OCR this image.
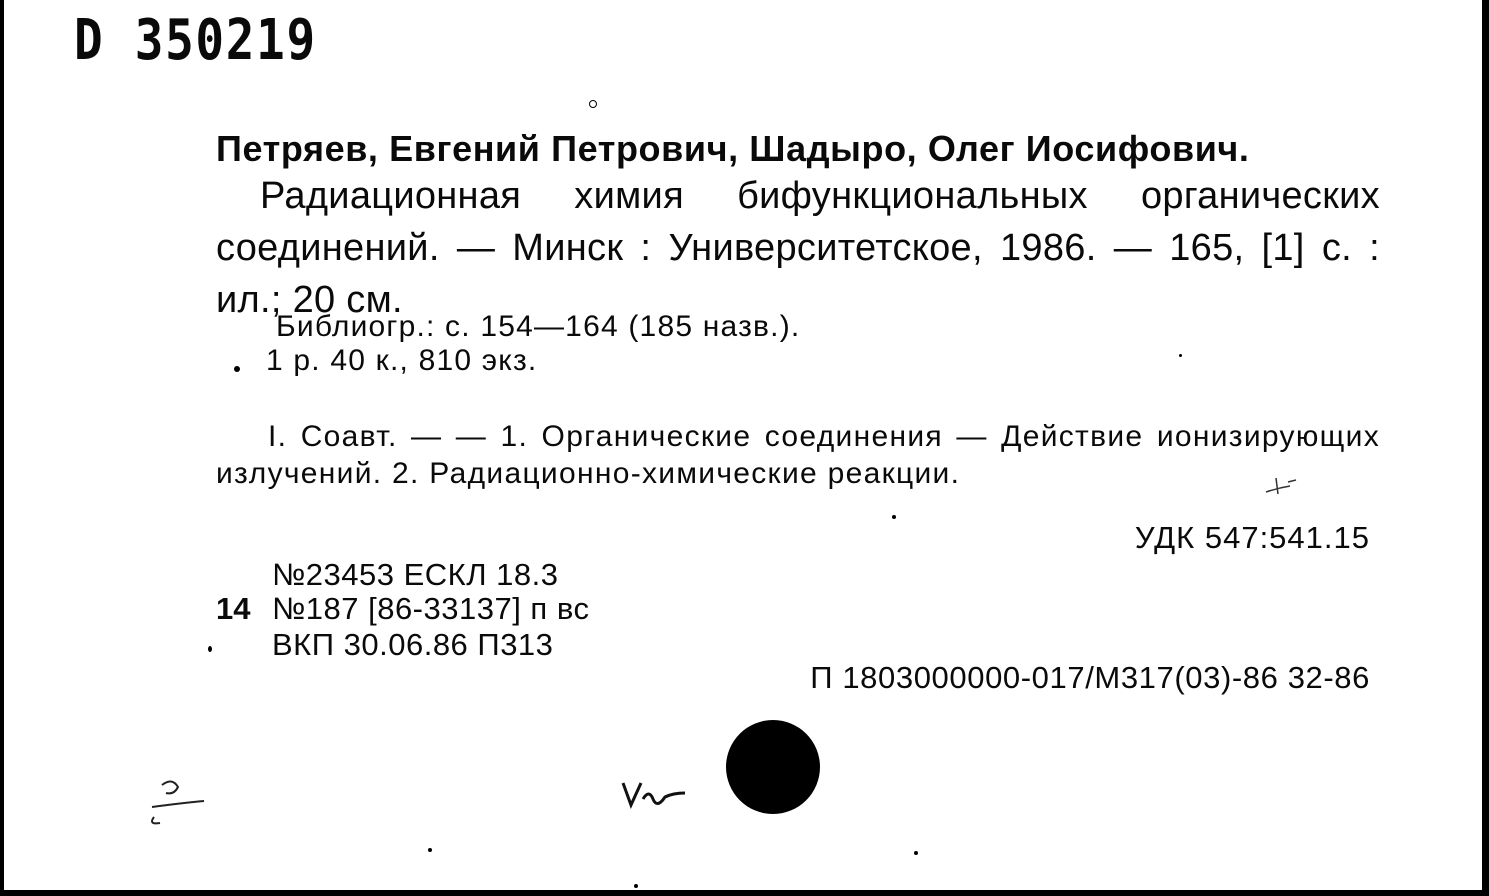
D 350219
Петряев, Евгений Петрович, Шадыро, Олег Иосифович.
Радиационная химия бифункциональных органических соединений. — Минск : Университетское, 1986. — 165, [1] с. : ил.; 20 см.
Библиогр.: с. 154—164 (185 назв.).
1 р. 40 к., 810 экз.
I. Соавт. — — 1. Органические соединения — Действие ионизирующих излучений. 2. Радиационно-химические реакции.
УДК 547:541.15
№23453 ЕСКЛ 18.3
14 №187 [86-33137] п вс
ВКП 30.06.86 П313
П 1803000000-017/М317(03)-86 32-86
